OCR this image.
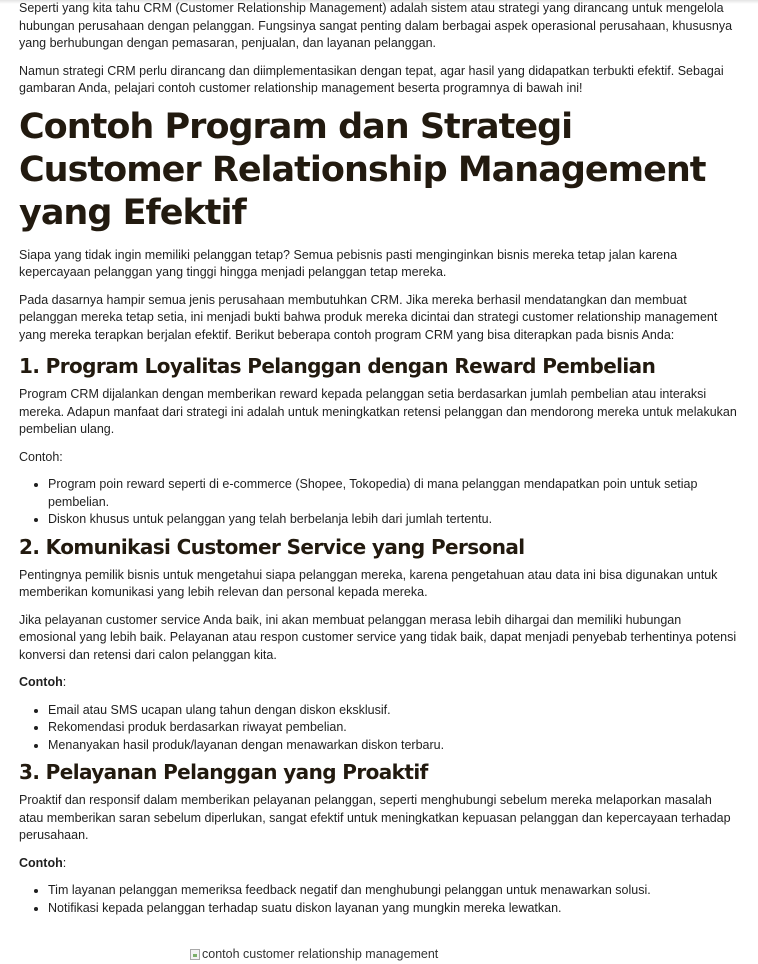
Seperti yang kita tahu CRM (Customer Relationship Management) adalah sistem atau strategi yang dirancang untuk mengelola hubungan perusahaan dengan pelanggan. Fungsinya sangat penting dalam berbagai aspek operasional perusahaan, khususnya yang berhubungan dengan pemasaran, penjualan, dan layanan pelanggan.

Namun strategi CRM perlu dirancang dan diimplementasikan dengan tepat, agar hasil yang didapatkan terbukti efektif. Sebagai gambaran Anda, pelajari contoh customer relationship management beserta programnya di bawah ini!

Contoh Program dan Strategi Customer Relationship Management yang Efektif

Siapa yang tidak ingin memiliki pelanggan tetap? Semua pebisnis pasti menginginkan bisnis mereka tetap jalan karena kepercayaan pelanggan yang tinggi hingga menjadi pelanggan tetap mereka.

Pada dasarnya hampir semua jenis perusahaan membutuhkan CRM. Jika mereka berhasil mendatangkan dan membuat pelanggan mereka tetap setia, ini menjadi bukti bahwa produk mereka dicintai dan strategi customer relationship management yang mereka terapkan berjalan efektif. Berikut beberapa contoh program CRM yang bisa diterapkan pada bisnis Anda:

1. Program Loyalitas Pelanggan dengan Reward Pembelian

Program CRM dijalankan dengan memberikan reward kepada pelanggan setia berdasarkan jumlah pembelian atau interaksi mereka. Adapun manfaat dari strategi ini adalah untuk meningkatkan retensi pelanggan dan mendorong mereka untuk melakukan pembelian ulang.

Contoh:

• Program poin reward seperti di e-commerce (Shopee, Tokopedia) di mana pelanggan mendapatkan poin untuk setiap pembelian.
• Diskon khusus untuk pelanggan yang telah berbelanja lebih dari jumlah tertentu.
2. Komunikasi Customer Service yang Personal

Pentingnya pemilik bisnis untuk mengetahui siapa pelanggan mereka, karena pengetahuan atau data ini bisa digunakan untuk memberikan komunikasi yang lebih relevan dan personal kepada mereka.

Jika pelayanan customer service Anda baik, ini akan membuat pelanggan merasa lebih dihargai dan memiliki hubungan emosional yang lebih baik. Pelayanan atau respon customer service yang tidak baik, dapat menjadi penyebab terhentinya potensi konversi dan retensi dari calon pelanggan kita.

Contoh:

• Email atau SMS ucapan ulang tahun dengan diskon eksklusif.
• Rekomendasi produk berdasarkan riwayat pembelian.
• Menanyakan hasil produk/layanan dengan menawarkan diskon terbaru.
3. Pelayanan Pelanggan yang Proaktif

Proaktif dan responsif dalam memberikan pelayanan pelanggan, seperti menghubungi sebelum mereka melaporkan masalah atau memberikan saran sebelum diperlukan, sangat efektif untuk meningkatkan kepuasan pelanggan dan kepercayaan terhadap perusahaan.

Contoh:

• Tim layanan pelanggan memeriksa feedback negatif dan menghubungi pelanggan untuk menawarkan solusi.
• Notifikasi kepada pelanggan terhadap suatu diskon layanan yang mungkin mereka lewatkan.
contoh customer relationship management
